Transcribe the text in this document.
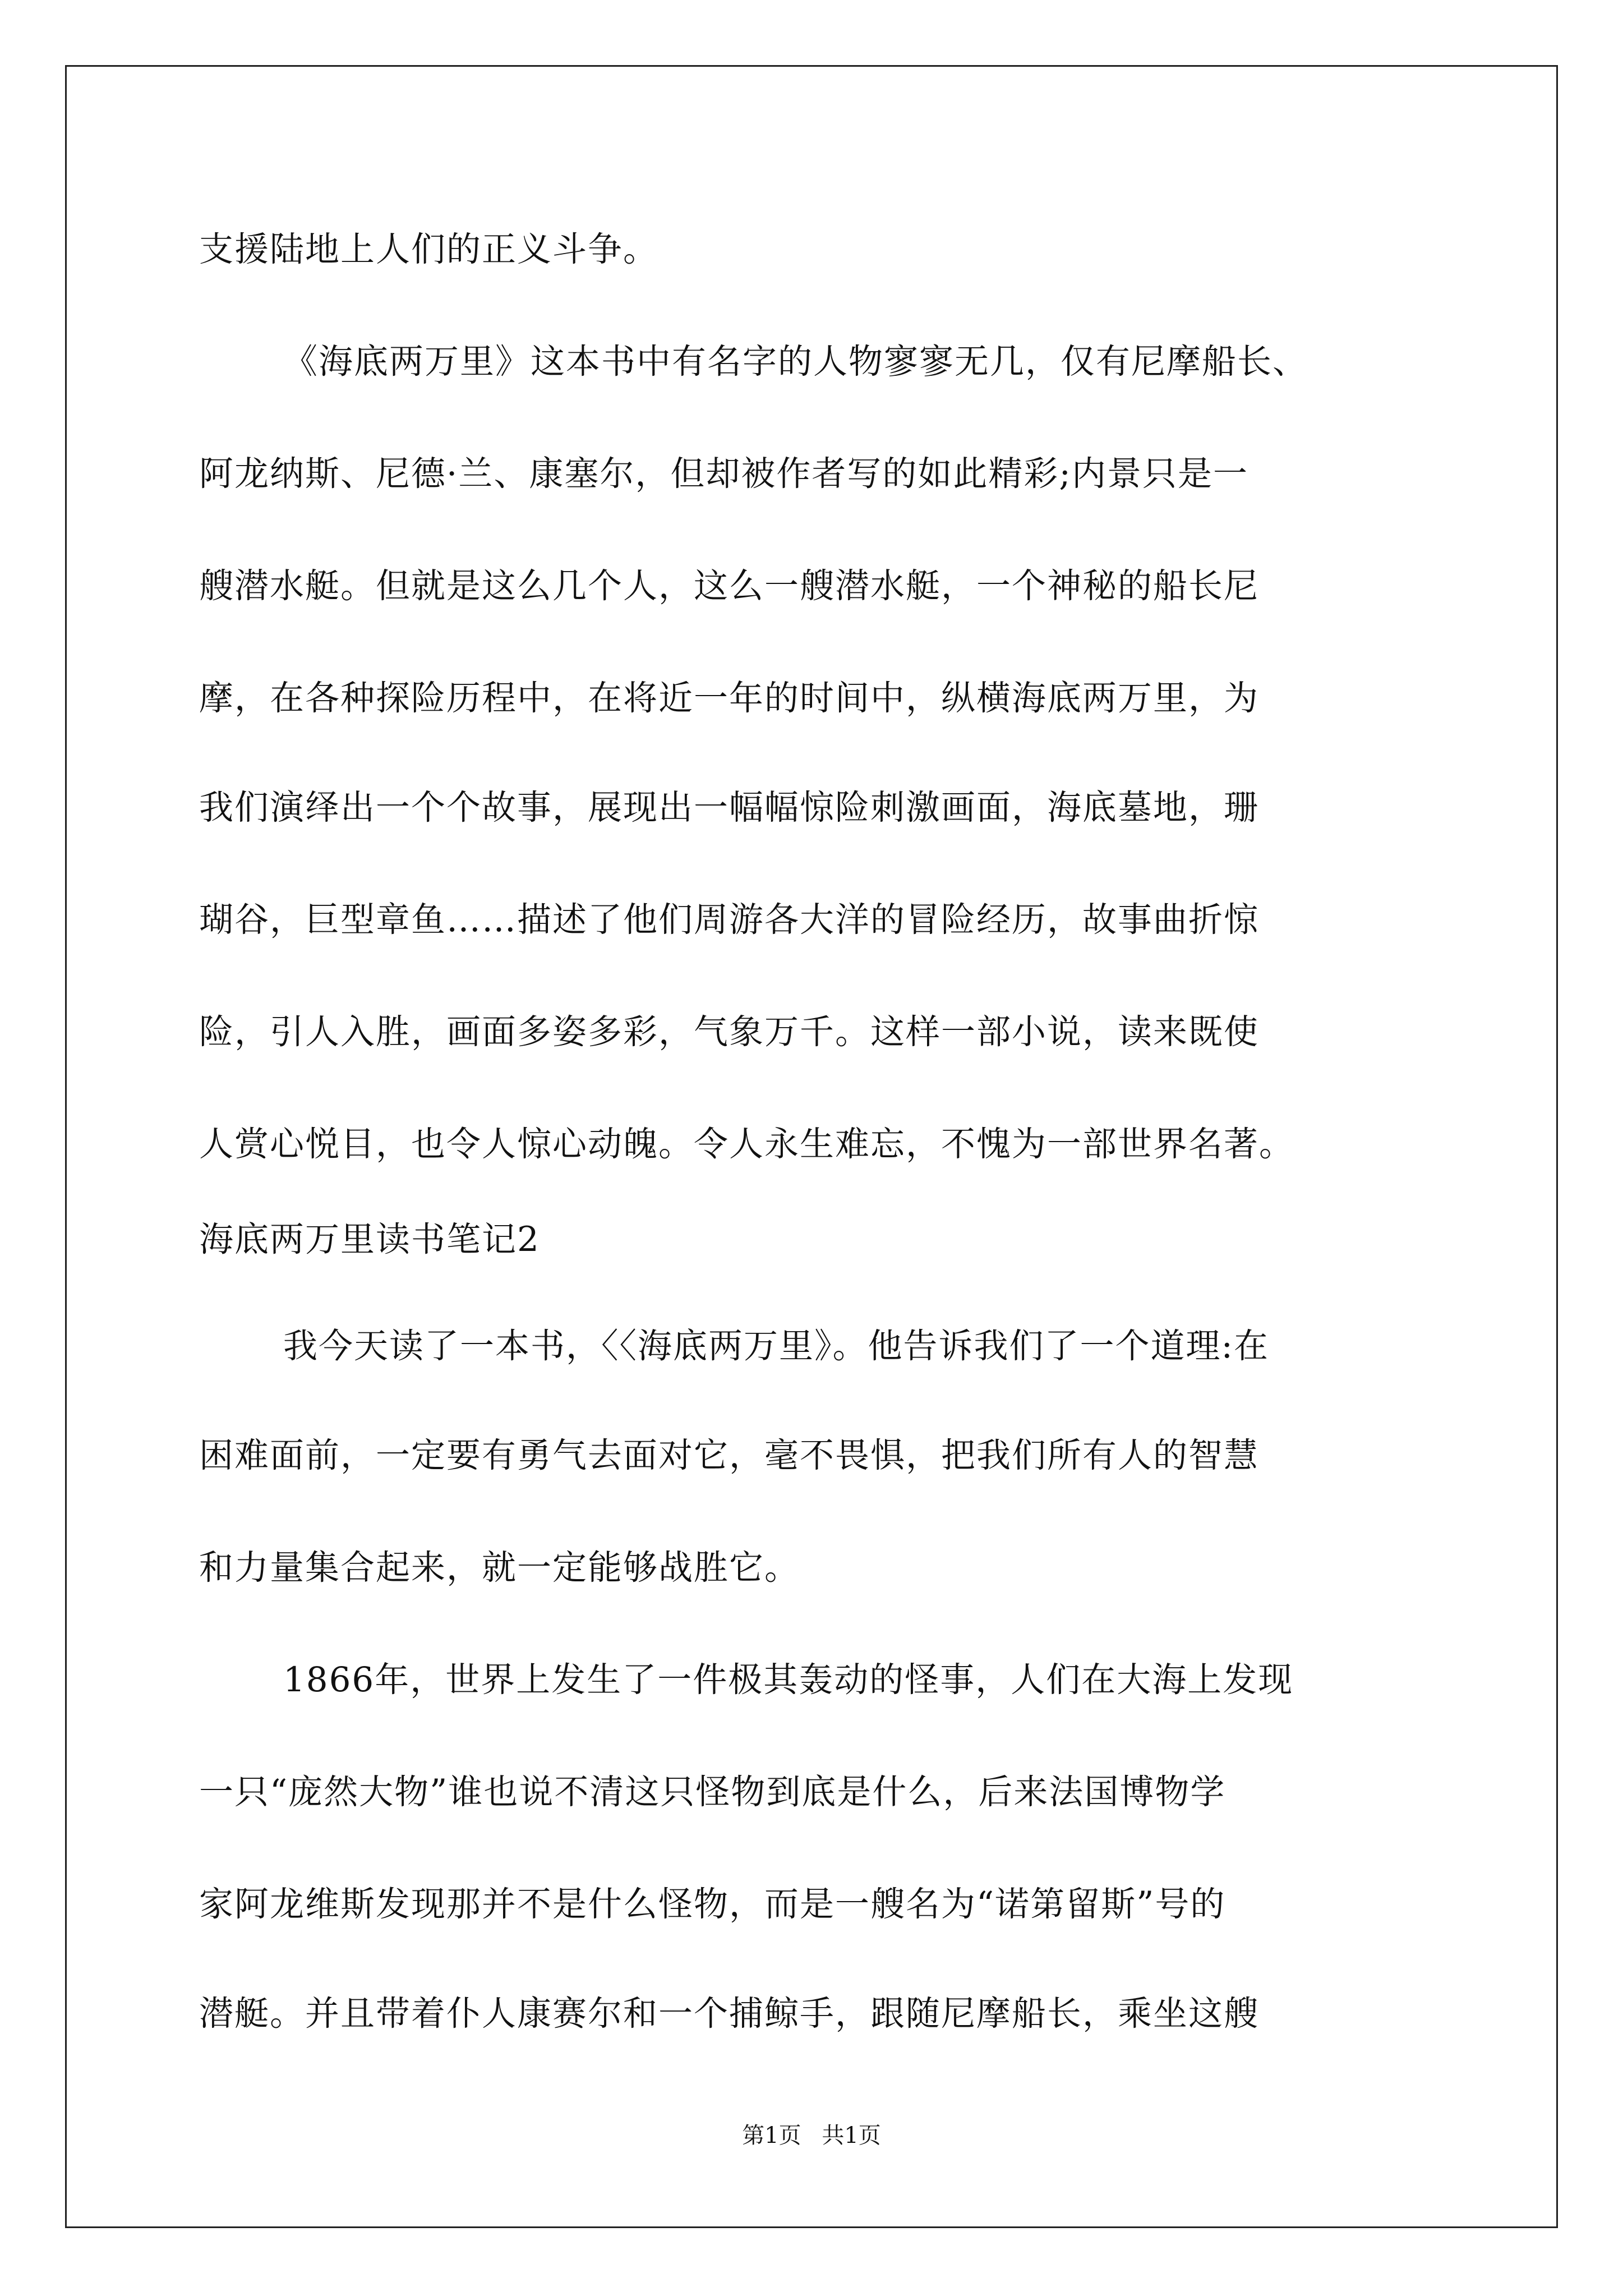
支援陆地上人们的正义斗争。
《海底两万里》这本书中有名字的人物寥寥无几，仅有尼摩船长、
阿龙纳斯、尼德·兰、康塞尔，但却被作者写的如此精彩;内景只是一
艘潜水艇。但就是这么几个人，这么一艘潜水艇，一个神秘的船长尼
摩，在各种探险历程中，在将近一年的时间中，纵横海底两万里，为
我们演绎出一个个故事，展现出一幅幅惊险刺激画面，海底墓地，珊
瑚谷，巨型章鱼……描述了他们周游各大洋的冒险经历，故事曲折惊
险，引人入胜，画面多姿多彩，气象万千。这样一部小说，读来既使
人赏心悦目，也令人惊心动魄。令人永生难忘，不愧为一部世界名著。
海底两万里读书笔记2
我今天读了一本书，〈〈海底两万里》。他告诉我们了一个道理:在
困难面前，一定要有勇气去面对它，毫不畏惧，把我们所有人的智慧
和力量集合起来，就一定能够战胜它。
1866年，世界上发生了一件极其轰动的怪事，人们在大海上发现
一只“庞然大物”谁也说不清这只怪物到底是什么，后来法国博物学
家阿龙维斯发现那并不是什么怪物，而是一艘名为“诺第留斯”号的
潜艇。并且带着仆人康赛尔和一个捕鲸手，跟随尼摩船长，乘坐这艘
第1页 共1页
